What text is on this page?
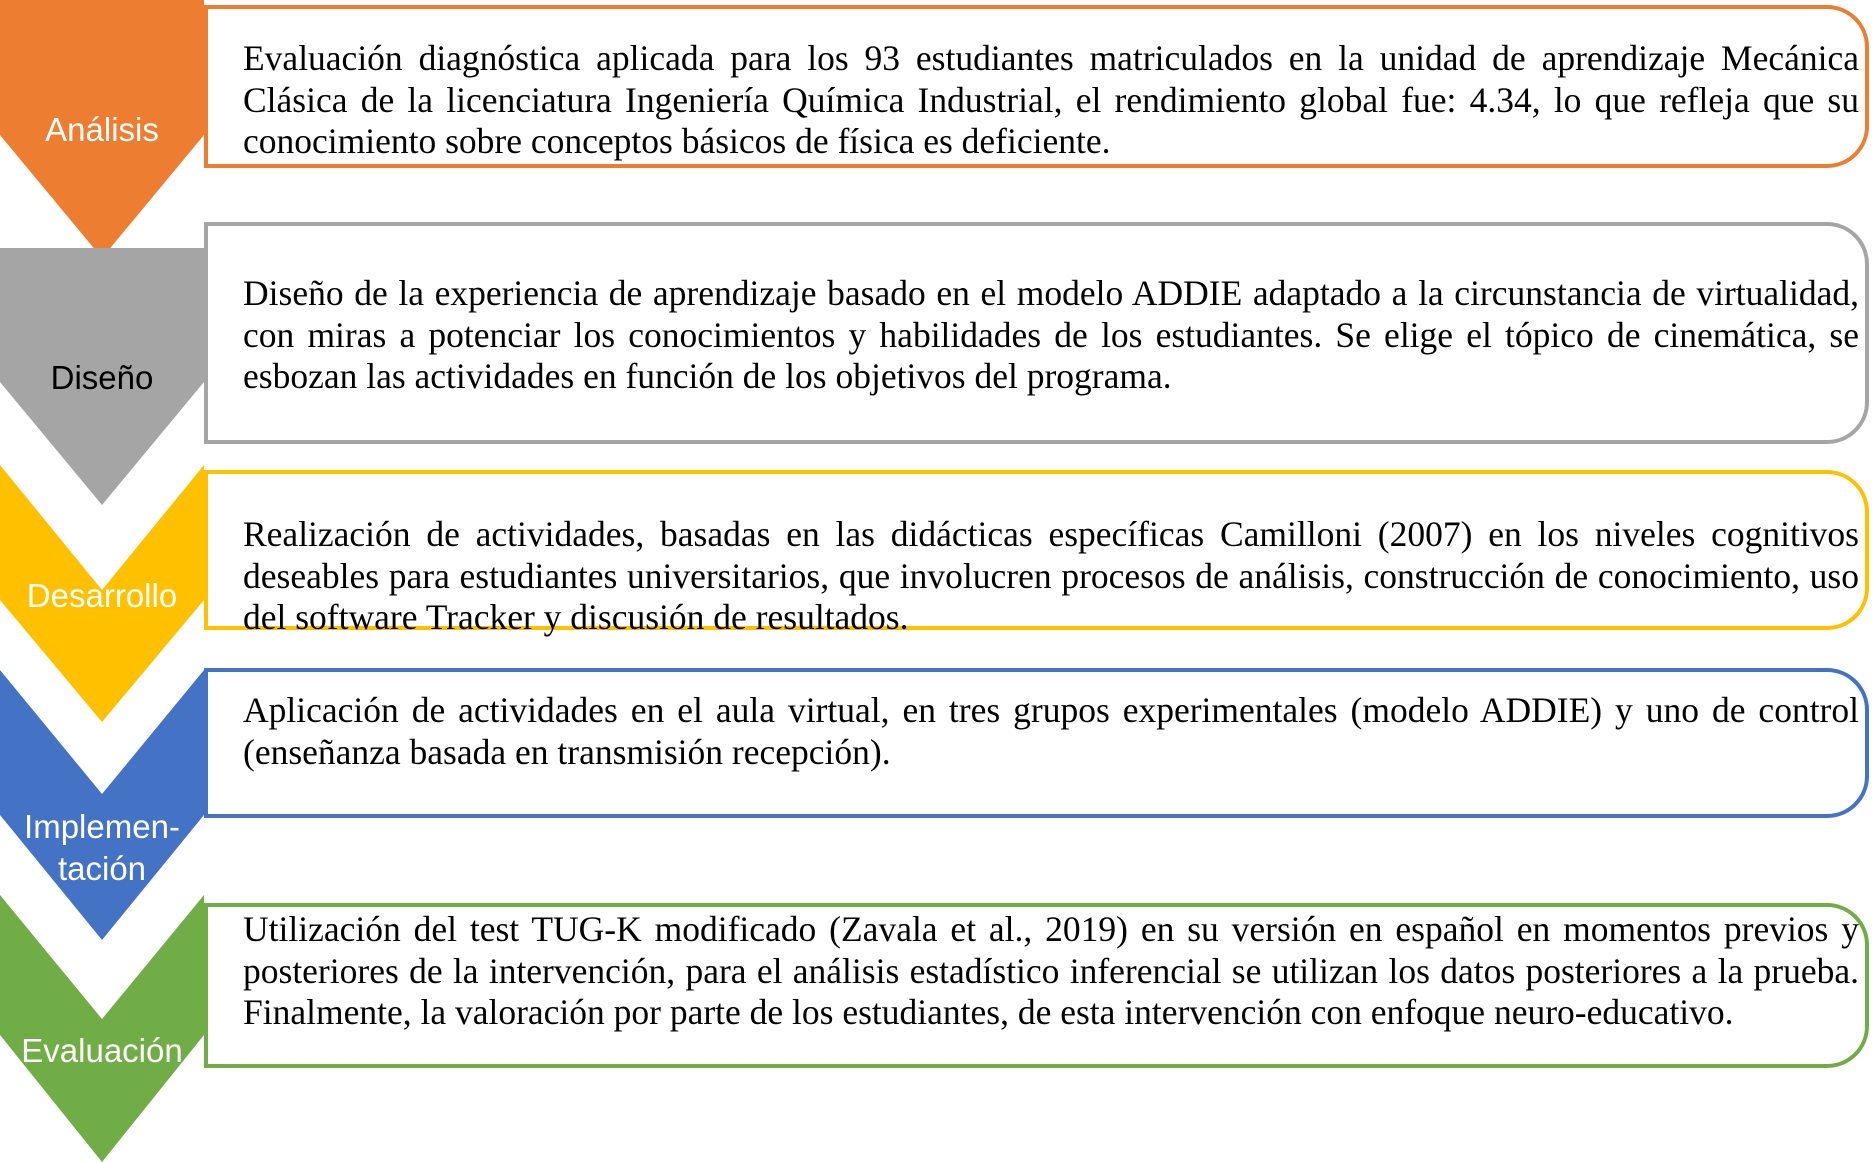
Evaluación diagnóstica aplicada para los 93 estudiantes matriculados en la unidad de aprendizaje Mecánica Clásica de la licenciatura Ingeniería Química Industrial, el rendimiento global fue: 4.34, lo que refleja que su conocimiento sobre conceptos básicos de física es deficiente.

Diseño de la experiencia de aprendizaje basado en el modelo ADDIE adaptado a la circunstancia de virtualidad, con miras a potenciar los conocimientos y habilidades de los estudiantes. Se elige el tópico de cinemática, se esbozan las actividades en función de los objetivos del programa.

Realización de actividades, basadas en las didácticas específicas Camilloni (2007) en los niveles cognitivos deseables para estudiantes universitarios, que involucren procesos de análisis, construcción de conocimiento, uso del software Tracker y discusión de resultados.

Aplicación de actividades en el aula virtual, en tres grupos experimentales (modelo ADDIE) y uno de control (enseñanza basada en transmisión recepción).

Utilización del test TUG-K modificado (Zavala et al., 2019) en su versión en español en momentos previos y posteriores de la intervención, para el análisis estadístico inferencial se utilizan los datos posteriores a la prueba. Finalmente, la valoración por parte de los estudiantes, de esta intervención con enfoque neuro-educativo.

Análisis

Diseño

Desarrollo

Implemen-
tación

Evaluación
